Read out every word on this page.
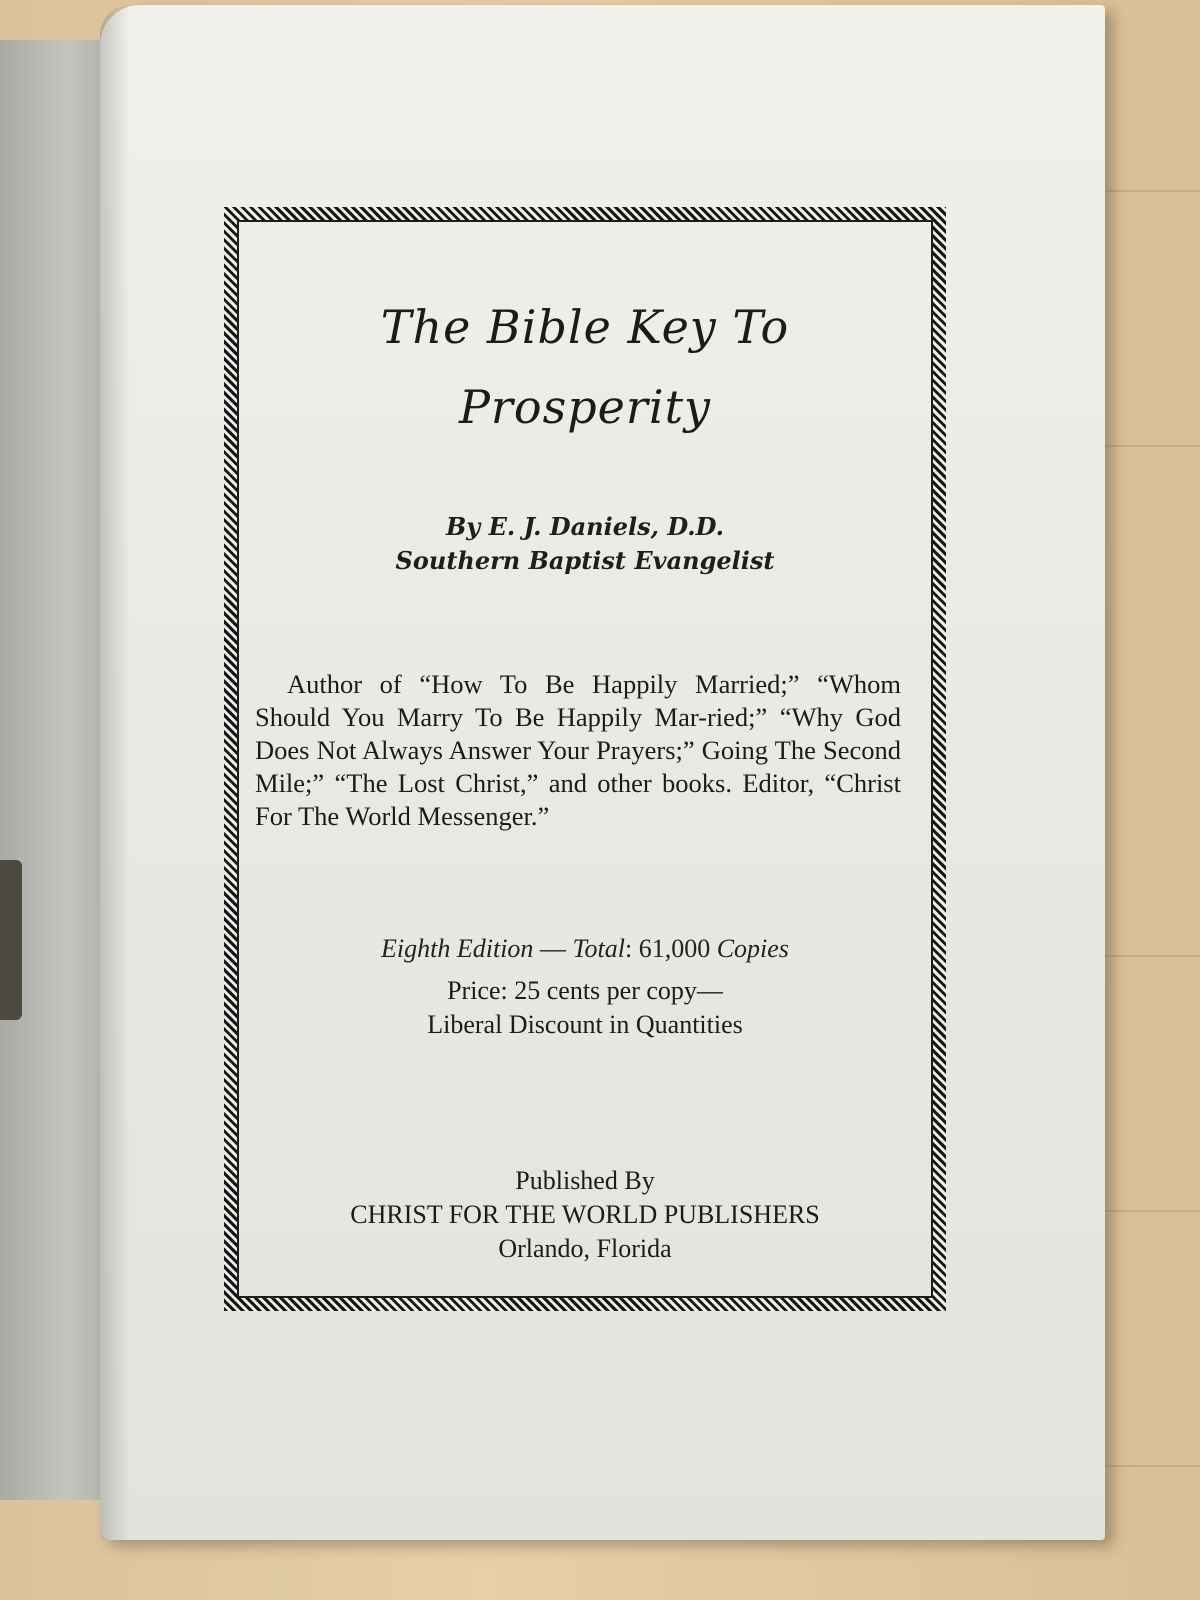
The Bible Key To
Prosperity
By E. J. Daniels, D.D.
Southern Baptist Evangelist
Author of “How To Be Happily Married;” “Whom Should You Marry To Be Happily Mar-ried;” “Why God Does Not Always Answer Your Prayers;” Going The Second Mile;” “The Lost Christ,” and other books. Editor, “Christ For The World Messenger.”
Eighth Edition — Total: 61,000 Copies
Price: 25 cents per copy—
Liberal Discount in Quantities
Published By
CHRIST FOR THE WORLD PUBLISHERS
Orlando, Florida
